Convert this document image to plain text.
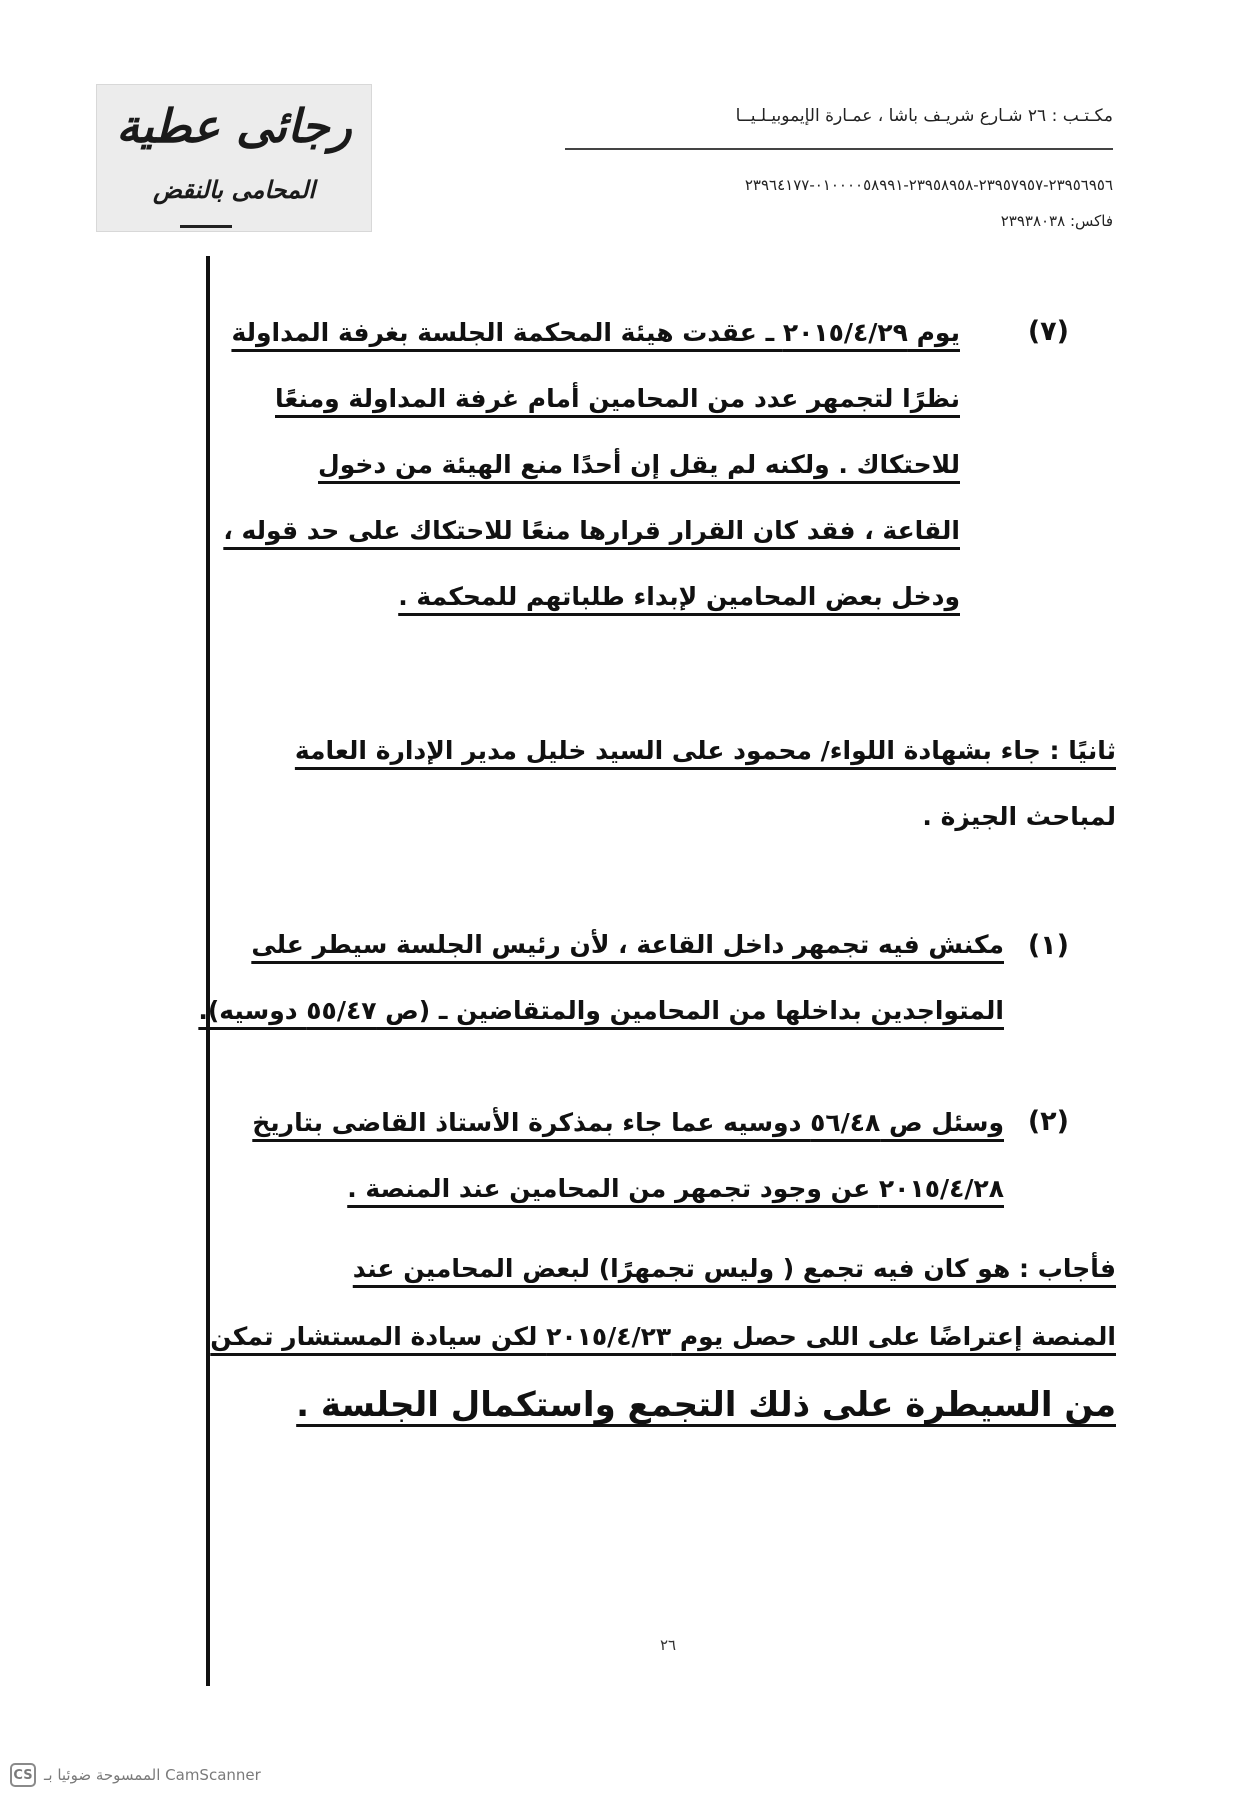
رجائى عطية
المحامى بالنقض
مكـتـب : ٢٦ شـارع شريـف باشا ، عمـارة الإيموبيـلـيــا
٢٣٩٥٦٩٥٦-٢٣٩٥٧٩٥٧-٢٣٩٥٨٩٥٨-٠١٠٠٠٠٥٨٩٩١-٢٣٩٦٤١٧٧
فاكس: ٢٣٩٣٨٠٣٨
(٧)
يوم ٢٠١٥/٤/٢٩ ـ عقدت هيئة المحكمة الجلسة بغرفة المداولة
نظرًا لتجمهر عدد من المحامين أمام غرفة المداولة ومنعًا
للاحتكاك . ولكنه لم يقل إن أحدًا منع الهيئة من دخول
القاعة ، فقد كان القرار قرارها منعًا للاحتكاك على حد قوله ،
ودخل بعض المحامين لإبداء طلباتهم للمحكمة .
ثانيًا : جاء بشهادة اللواء/ محمود على السيد خليل مدير الإدارة العامة
لمباحث الجيزة .
(١)
مكنش فيه تجمهر داخل القاعة ، لأن رئيس الجلسة سيطر على
المتواجدين بداخلها من المحامين والمتقاضين ـ (ص ٥٥/٤٧ دوسيه).
(٢)
وسئل ص ٥٦/٤٨ دوسيه عما جاء بمذكرة الأستاذ القاضى بتاريخ
٢٠١٥/٤/٢٨ عن وجود تجمهر من المحامين عند المنصة .
فأجاب : هو كان فيه تجمع ( وليس تجمهرًا) لبعض المحامين عند
المنصة إعتراضًا على اللى حصل يوم ٢٠١٥/٤/٢٣ لكن سيادة المستشار تمكن
من السيطرة على ذلك التجمع واستكمال الجلسة .
٢٦
CS الممسوحة ضوئيا بـ CamScanner
